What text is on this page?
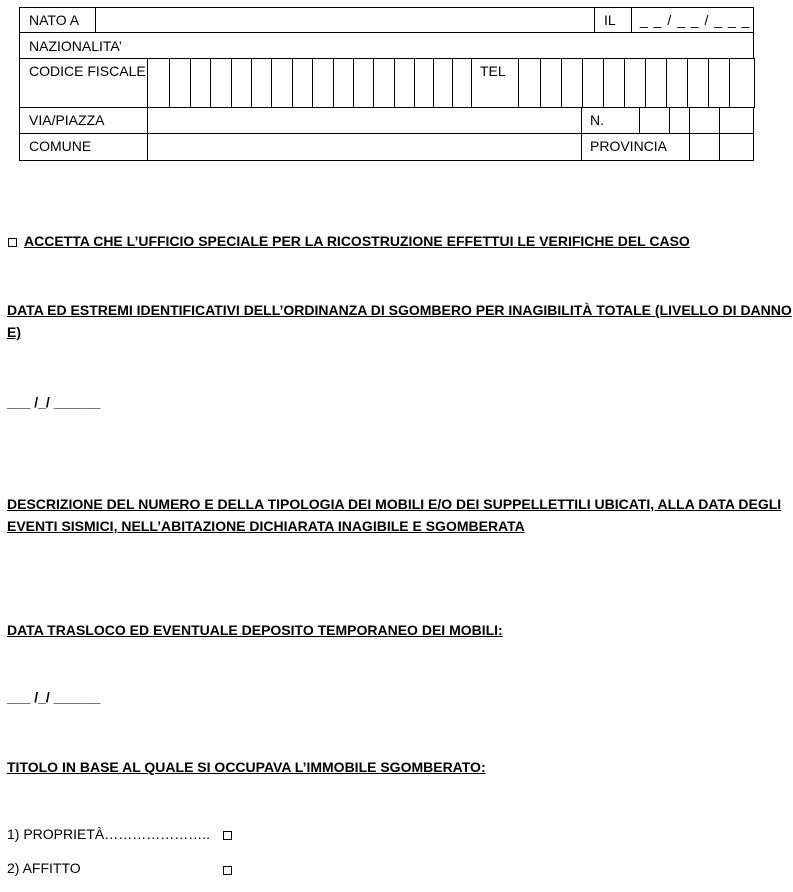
NATO A	IL _ _ / _ _ / _ _ _
NAZIONALITA’
CODICE FISCALE	TEL
VIA/PIAZZA	N.
COMUNE	PROVINCIA
ACCETTA CHE L’UFFICIO SPECIALE PER LA RICOSTRUZIONE EFFETTUI LE VERIFICHE DEL CASO
DATA ED ESTREMI IDENTIFICATIVI DELL’ORDINANZA DI SGOMBERO PER INAGIBILITÀ TOTALE (LIVELLO DI DANNO
E)
___ /_/ ______
DESCRIZIONE DEL NUMERO E DELLA TIPOLOGIA DEI MOBILI E/O DEI SUPPELLETTILI UBICATI, ALLA DATA DEGLI
EVENTI SISMICI, NELL’ABITAZIONE DICHIARATA INAGIBILE E SGOMBERATA
DATA TRASLOCO ED EVENTUALE DEPOSITO TEMPORANEO DEI MOBILI:
___ /_/ ______
TITOLO IN BASE AL QUALE SI OCCUPAVA L’IMMOBILE SGOMBERATO:
1) PROPRIETÀ…………………..
2) AFFITTO
